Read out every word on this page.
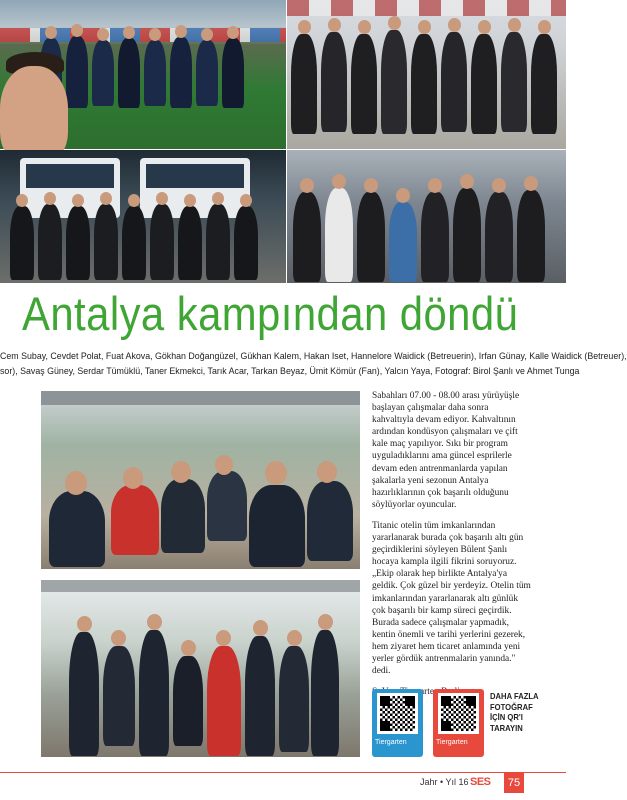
Antalya kampından döndü
Cem Subay, Cevdet Polat, Fuat Akova, Gökhan Doğangüzel, Gükhan Kalem, Hakan Iset, Hannelore Waidick (Betreuerin), Irfan Günay, Kalle Waidick (Betreuer),
sor), Savaş Güney, Serdar Tümüklü, Taner Ekmekci, Tarık Acar, Tarkan Beyaz, Ümit Kömür (Fan), Yalcın Yaya, Fotograf: Birol Şanlı ve Ahmet Tunga

Sabahları 07.00 - 08.00 arası yürüyüşle başlayan çalışmalar daha sonra kahvaltıyla devam ediyor. Kahvaltının ardından kondüsyon çalışmaları ve çift kale maç yapılıyor. Sıkı bir program uyguladıklarını ama güncel esprilerle devam eden antrenmanlarda yapılan şakalarla yeni sezonun Antalya hazırlıklarının çok başarılı olduğunu söylüyorlar oyuncular.

Titanic otelin tüm imkanlarından yararlanarak burada çok başarılı altı gün geçirdiklerini söyleyen Bülent Şanlı hocaya kampla ilgili fikrini soruyoruz. „Ekip olarak hep birlikte Antalya'ya geldik. Çok güzel bir yerdeyiz. Otelin tüm imkanlarından yararlanarak altı günlük çok başarılı bir kamp süreci geçirdik. Burada sadece çalışmalar yapmadık, kentin önemli ve tarihi yerlerini gezerek, hem ziyaret hem ticaret anlamında yeni yerler gördük antrenmalarin yanında." dedi.

Tiergarten	Tiergarten
DAHA FAZLA FOTOĞRAF İÇİN QR'I TARAYIN
Jahr • Yıl 16 SES	75
